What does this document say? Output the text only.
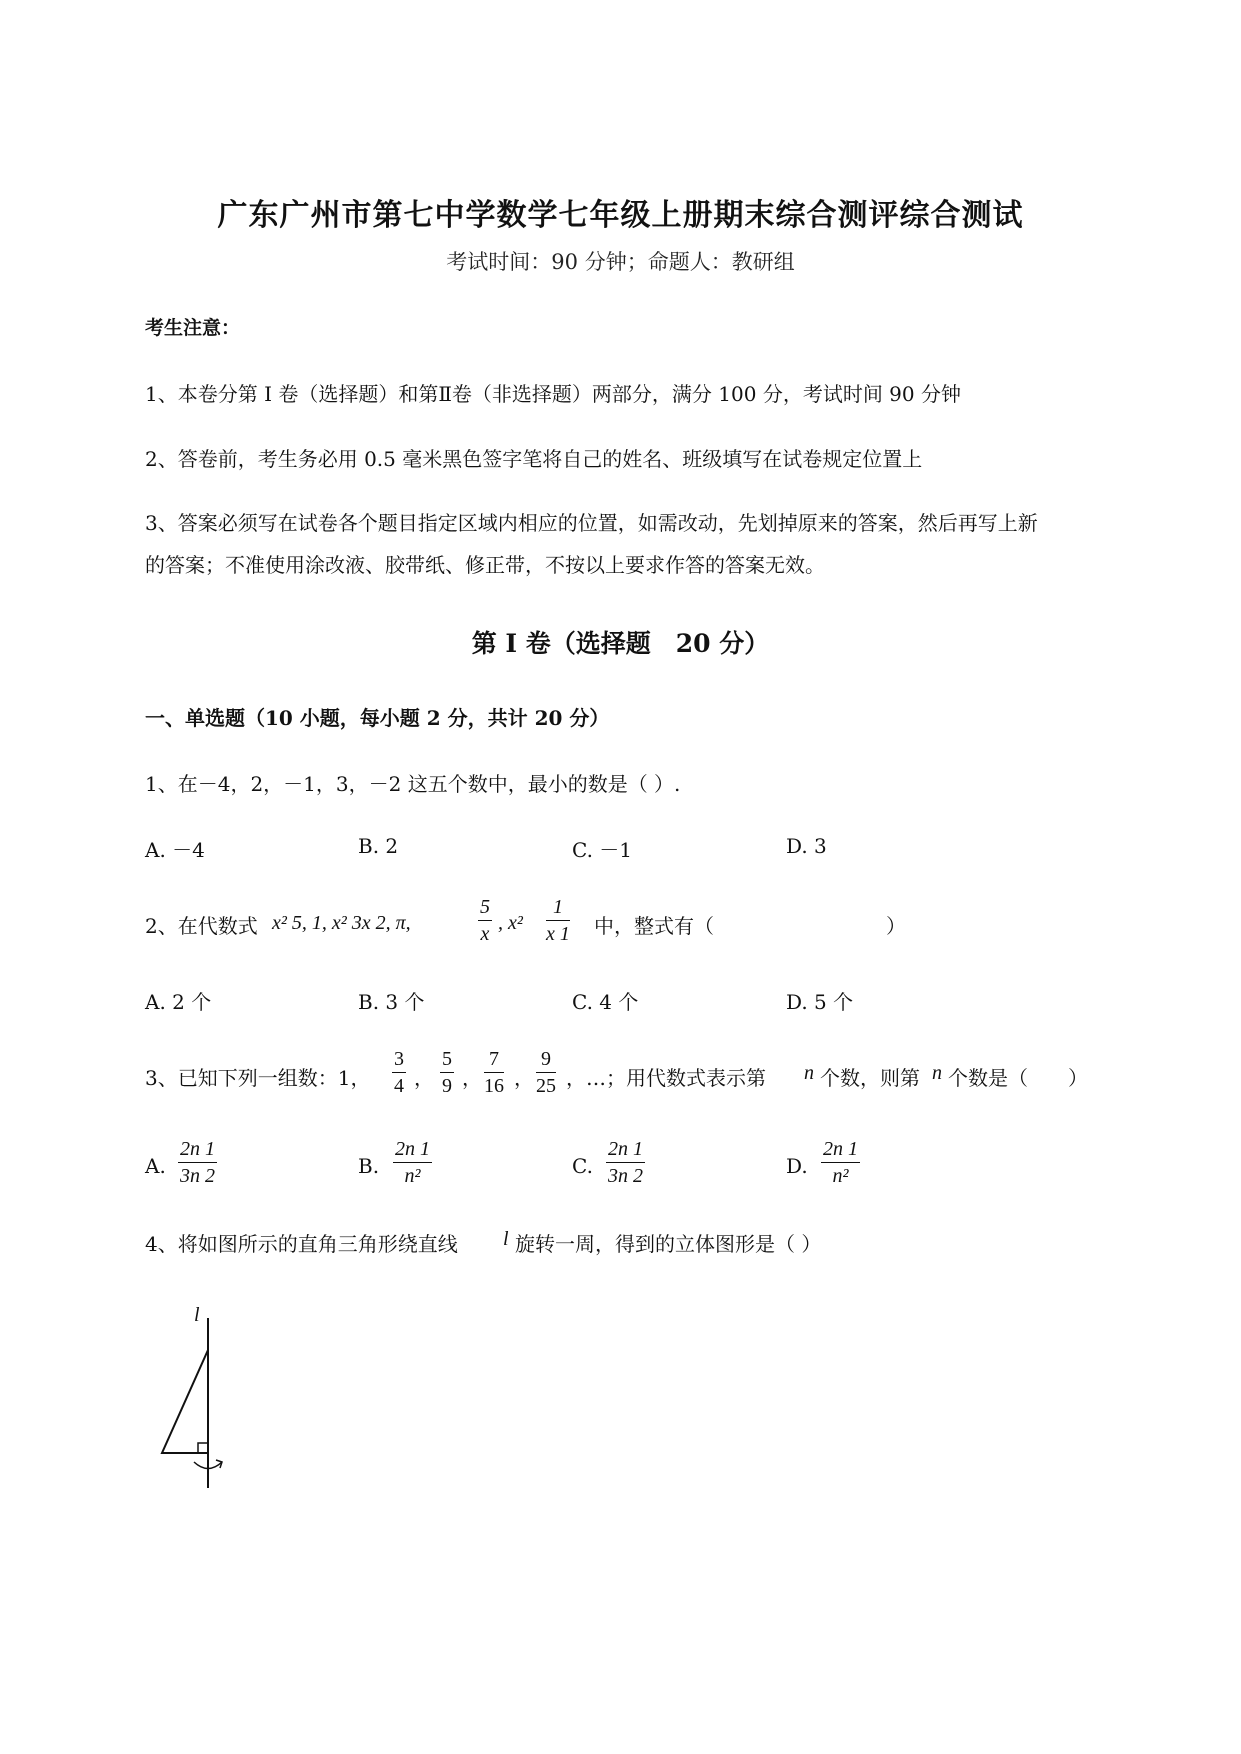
广东广州市第七中学数学七年级上册期末综合测评综合测试
考试时间：90 分钟；命题人：教研组
考生注意：
1、本卷分第 I 卷（选择题）和第Ⅱ卷（非选择题）两部分，满分 100 分，考试时间 90 分钟
2、答卷前，考生务必用 0.5 毫米黑色签字笔将自己的姓名、班级填写在试卷规定位置上
3、答案必须写在试卷各个题目指定区域内相应的位置，如需改动，先划掉原来的答案，然后再写上新
的答案；不准使用涂改液、胶带纸、修正带，不按以上要求作答的答案无效。
第 I 卷（选择题　20 分）
一、单选题（10 小题，每小题 2 分，共计 20 分）
1、在－4，2，－1，3，－2 这五个数中，最小的数是（ ）.
A. －4	B. 2	C. －1	D. 3
2、在代数式 x² 5, 1, x² 3x 2, π,	$\frac{5}{x}$ , $x^2 \frac{1}{x 1}$ 中，整式有（	）
A. 2 个	B. 3 个	C. 4 个	D. 5 个
3、已知下列一组数：1， $\frac{3}{4}$ ， $\frac{5}{9}$ ， $\frac{7}{16}$ ， $\frac{9}{25}$ ，…；用代数式表示第 n 个数，则第 n 个数是（　　）
A. $\frac{2n 1}{3n 2}$	B. $\frac{2n 1}{\text{n²}}$	C. $\frac{2n 1}{3n 2}$	D. $\frac{2n 1}{\text{n²}}$
4、将如图所示的直角三角形绕直线 l 旋转一周，得到的立体图形是（ ）
l
